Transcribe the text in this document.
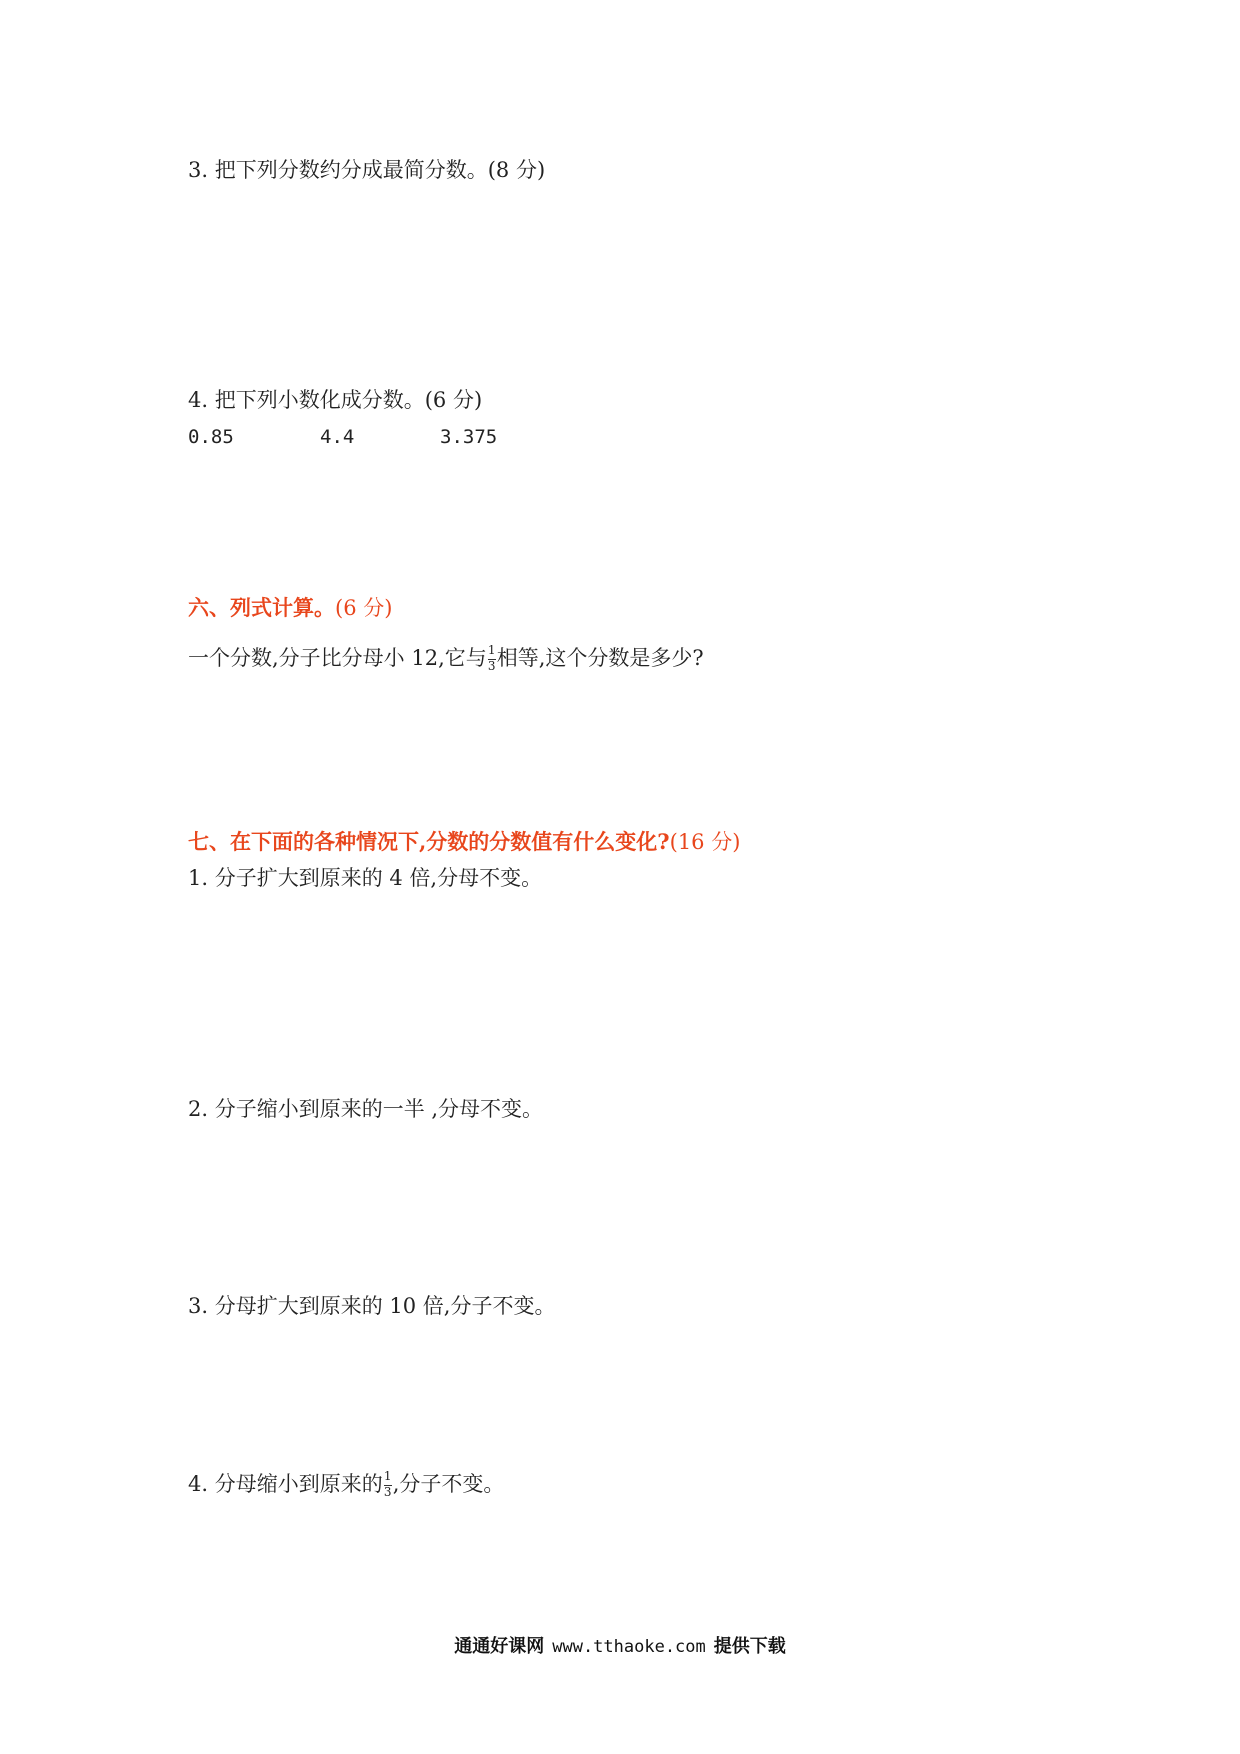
3. 把下列分数约分成最简分数。(8 分)
4. 把下列小数化成分数。(6 分)
0.85	4.4	3.375
六、列式计算。(6 分)
一个分数,分子比分母小 12,它与 $\frac{1}{3}$ 相等,这个分数是多少?
七、在下面的各种情况下,分数的分数值有什么变化?(16 分)
1. 分子扩大到原来的 4 倍,分母不变。
2. 分子缩小到原来的一半 ,分母不变。
3. 分母扩大到原来的 10 倍,分子不变。
4. 分母缩小到原来的 $\frac{1}{3}$ ,分子不变。
通通好课网 www.tthaoke.com 提供下载
